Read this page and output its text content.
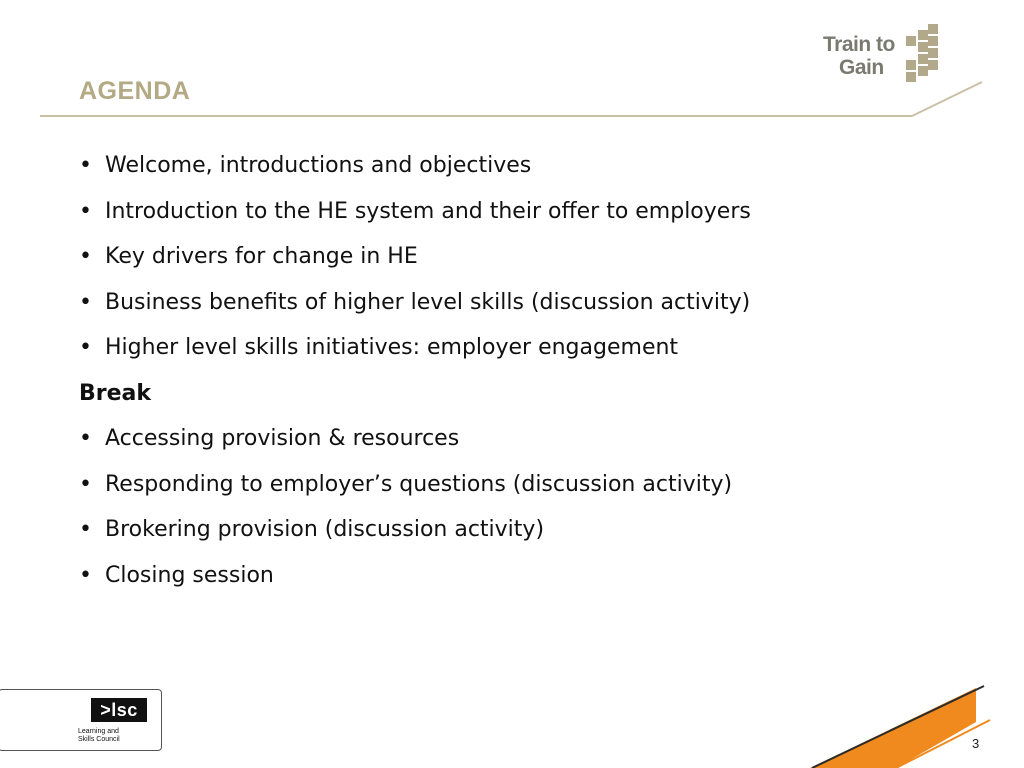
AGENDA
Train to
Gain
• Welcome, introductions and objectives
• Introduction to the HE system and their offer to employers
• Key drivers for change in HE
• Business benefits of higher level skills (discussion activity)
• Higher level skills initiatives: employer engagement
Break
• Accessing provision & resources
• Responding to employer’s questions (discussion activity)
• Brokering provision (discussion activity)
• Closing session
>lsc
Learning and
Skills Council	3
